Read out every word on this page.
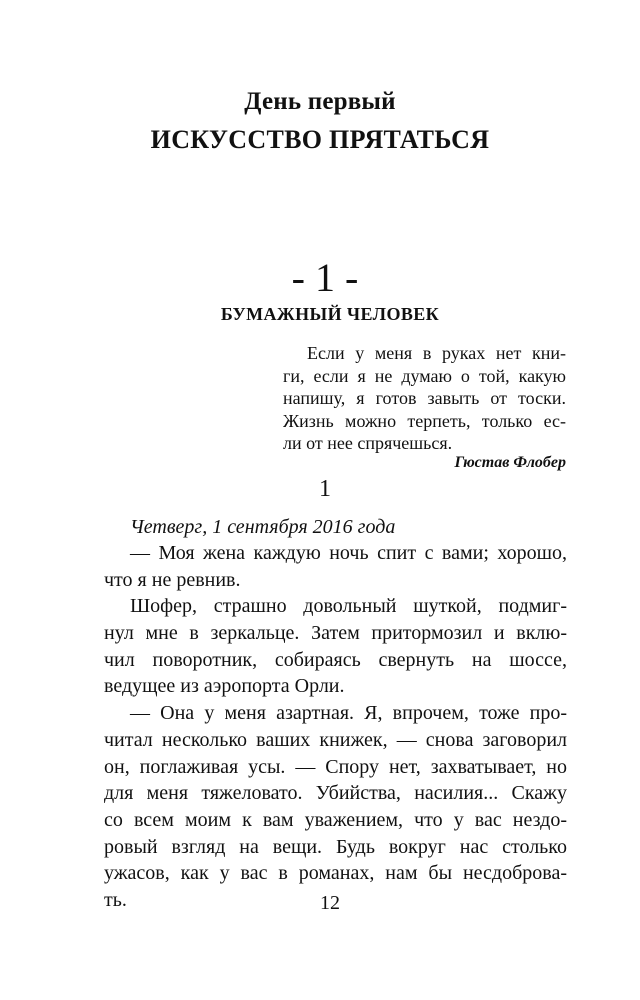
День первый
ИСКУССТВО ПРЯТАТЬСЯ
- 1 -
БУМАЖНЫЙ ЧЕЛОВЕК
Если у меня в руках нет кни-
ги, если я не думаю о той, какую
напишу, я готов завыть от тоски.
Жизнь можно терпеть, только ес-
ли от нее спрячешься.
Гюстав Флобер
1
Четверг, 1 сентября 2016 года
— Моя жена каждую ночь спит с вами; хорошо,
что я не ревнив.
Шофер, страшно довольный шуткой, подмиг-
нул мне в зеркальце. Затем притормозил и вклю-
чил поворотник, собираясь свернуть на шоссе,
ведущее из аэропорта Орли.
— Она у меня азартная. Я, впрочем, тоже про-
читал несколько ваших книжек, — снова заговорил
он, поглаживая усы. — Спору нет, захватывает, но
для меня тяжеловато. Убийства, насилия... Скажу
со всем моим к вам уважением, что у вас нездо-
ровый взгляд на вещи. Будь вокруг нас столько
ужасов, как у вас в романах, нам бы несдоброва-
ть.	12
